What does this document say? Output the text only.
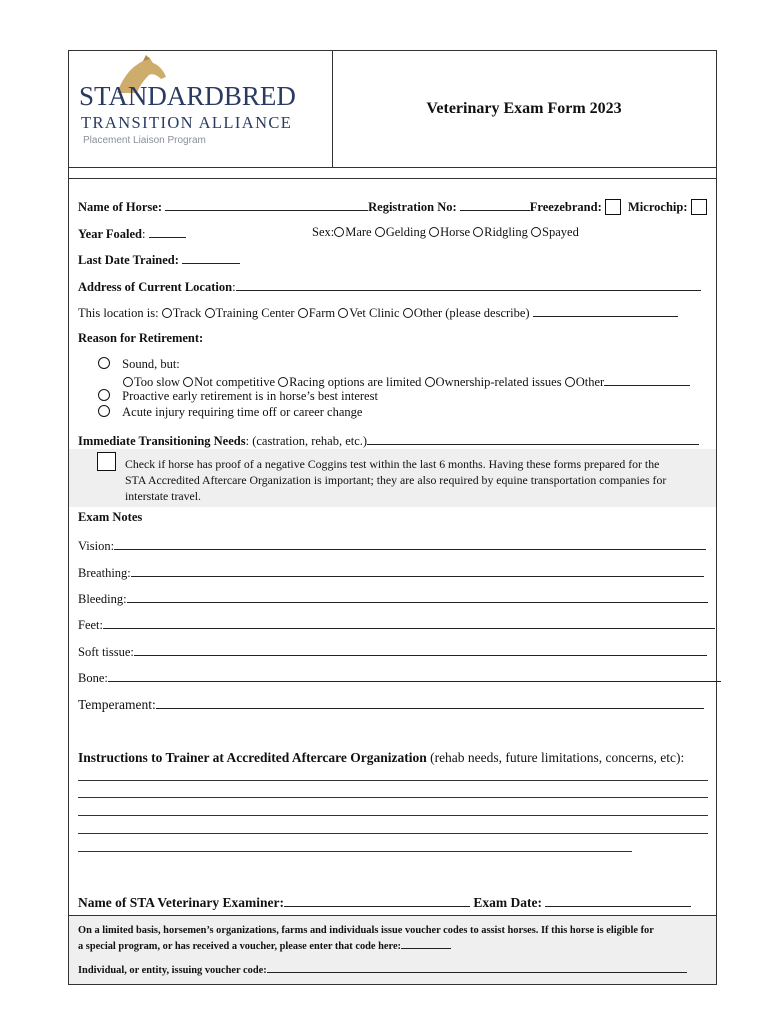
STANDARDBRED
TRANSITION ALLIANCE
Placement Liaison Program
Veterinary Exam Form 2023
Name of Horse:	Registration No:	Freezebrand: Microchip:
Year Foaled:	Sex: Mare Gelding Horse Ridgling Spayed
Last Date Trained:
Address of Current Location:
This location is: Track Training Center Farm Vet Clinic Other (please describe)
Reason for Retirement:
Sound, but:
Too slow Not competitive Racing options are limited Ownership-related issues Other
Proactive early retirement is in horse’s best interest
Acute injury requiring time off or career change
Immediate Transitioning Needs: (castration, rehab, etc.)
Check if horse has proof of a negative Coggins test within the last 6 months. Having these forms prepared for the
STA Accredited Aftercare Organization is important; they are also required by equine transportation companies for
interstate travel.
Exam Notes
Vision:
Breathing:
Bleeding:
Feet:
Soft tissue:
Bone:
Temperament:
Instructions to Trainer at Accredited Aftercare Organization (rehab needs, future limitations, concerns, etc):
Name of STA Veterinary Examiner:	Exam Date:
On a limited basis, horsemen’s organizations, farms and individuals issue voucher codes to assist horses. If this horse is eligible for
a special program, or has received a voucher, please enter that code here:
Individual, or entity, issuing voucher code:
